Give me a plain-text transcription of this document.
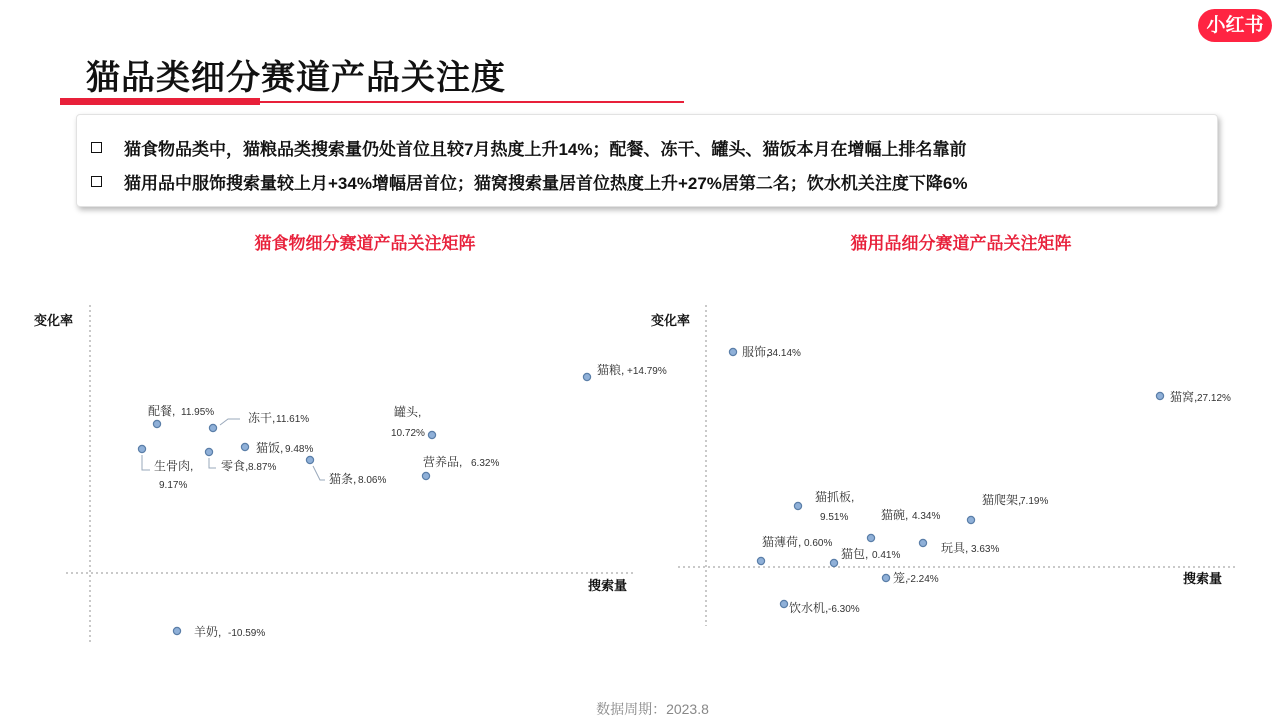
猫品类细分赛道产品关注度
小红书
猫食物品类中，猫粮品类搜索量仍处首位且较7月热度上升14%；配餐、冻干、罐头、猫饭本月在增幅上排名靠前
猫用品中服饰搜索量较上月+34%增幅居首位；猫窝搜索量居首位热度上升+27%居第二名；饮水机关注度下降6%
猫食物细分赛道产品关注矩阵	猫用品细分赛道产品关注矩阵
变化率
搜索量
猫粮, +14.79%
配餐, 11.95%	冻干, 11.61%
罐头,
10.72%
猫饭, 9.48%
生骨肉,
9.17%
零食, 8.87%
猫条, 8.06%
营养品, 6.32%
羊奶, -10.59%
变化率
搜索量
服饰,
34.14%
猫窝, 27.12%
猫抓板,
9.51%
猫爬架,
7.19%
猫碗, 4.34%
玩具, 3.63%
猫薄荷, 0.60%
猫包, 0.41%
笼,
-2.24%
饮水机, -6.30%
数据周期：2023.8
